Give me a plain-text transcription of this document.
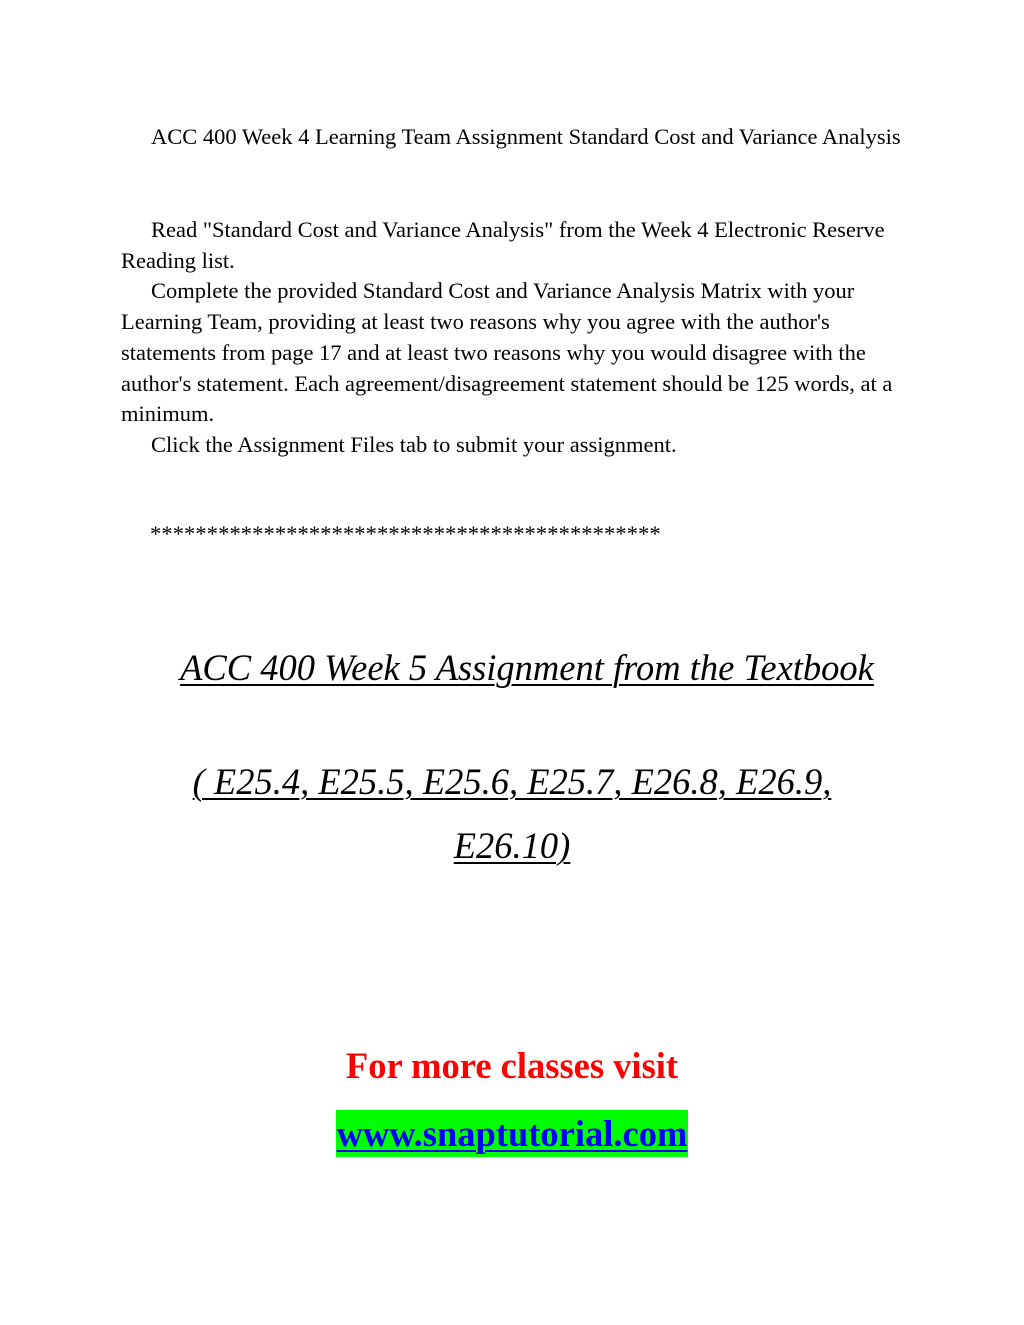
ACC 400 Week 4 Learning Team Assignment Standard Cost and Variance Analysis

Read "Standard Cost and Variance Analysis" from the Week 4 Electronic Reserve Reading list.

Complete the provided Standard Cost and Variance Analysis Matrix with your Learning Team, providing at least two reasons why you agree with the author's statements from page 17 and at least two reasons why you would disagree with the author's statement. Each agreement/disagreement statement should be 125 words, at a minimum.

Click the Assignment Files tab to submit your assignment.

*********************************************
ACC 400 Week 5 Assignment from the Textbook
( E25.4, E25.5, E25.6, E25.7, E26.8, E26.9,
E26.10)
For more classes visit
www.snaptutorial.com
